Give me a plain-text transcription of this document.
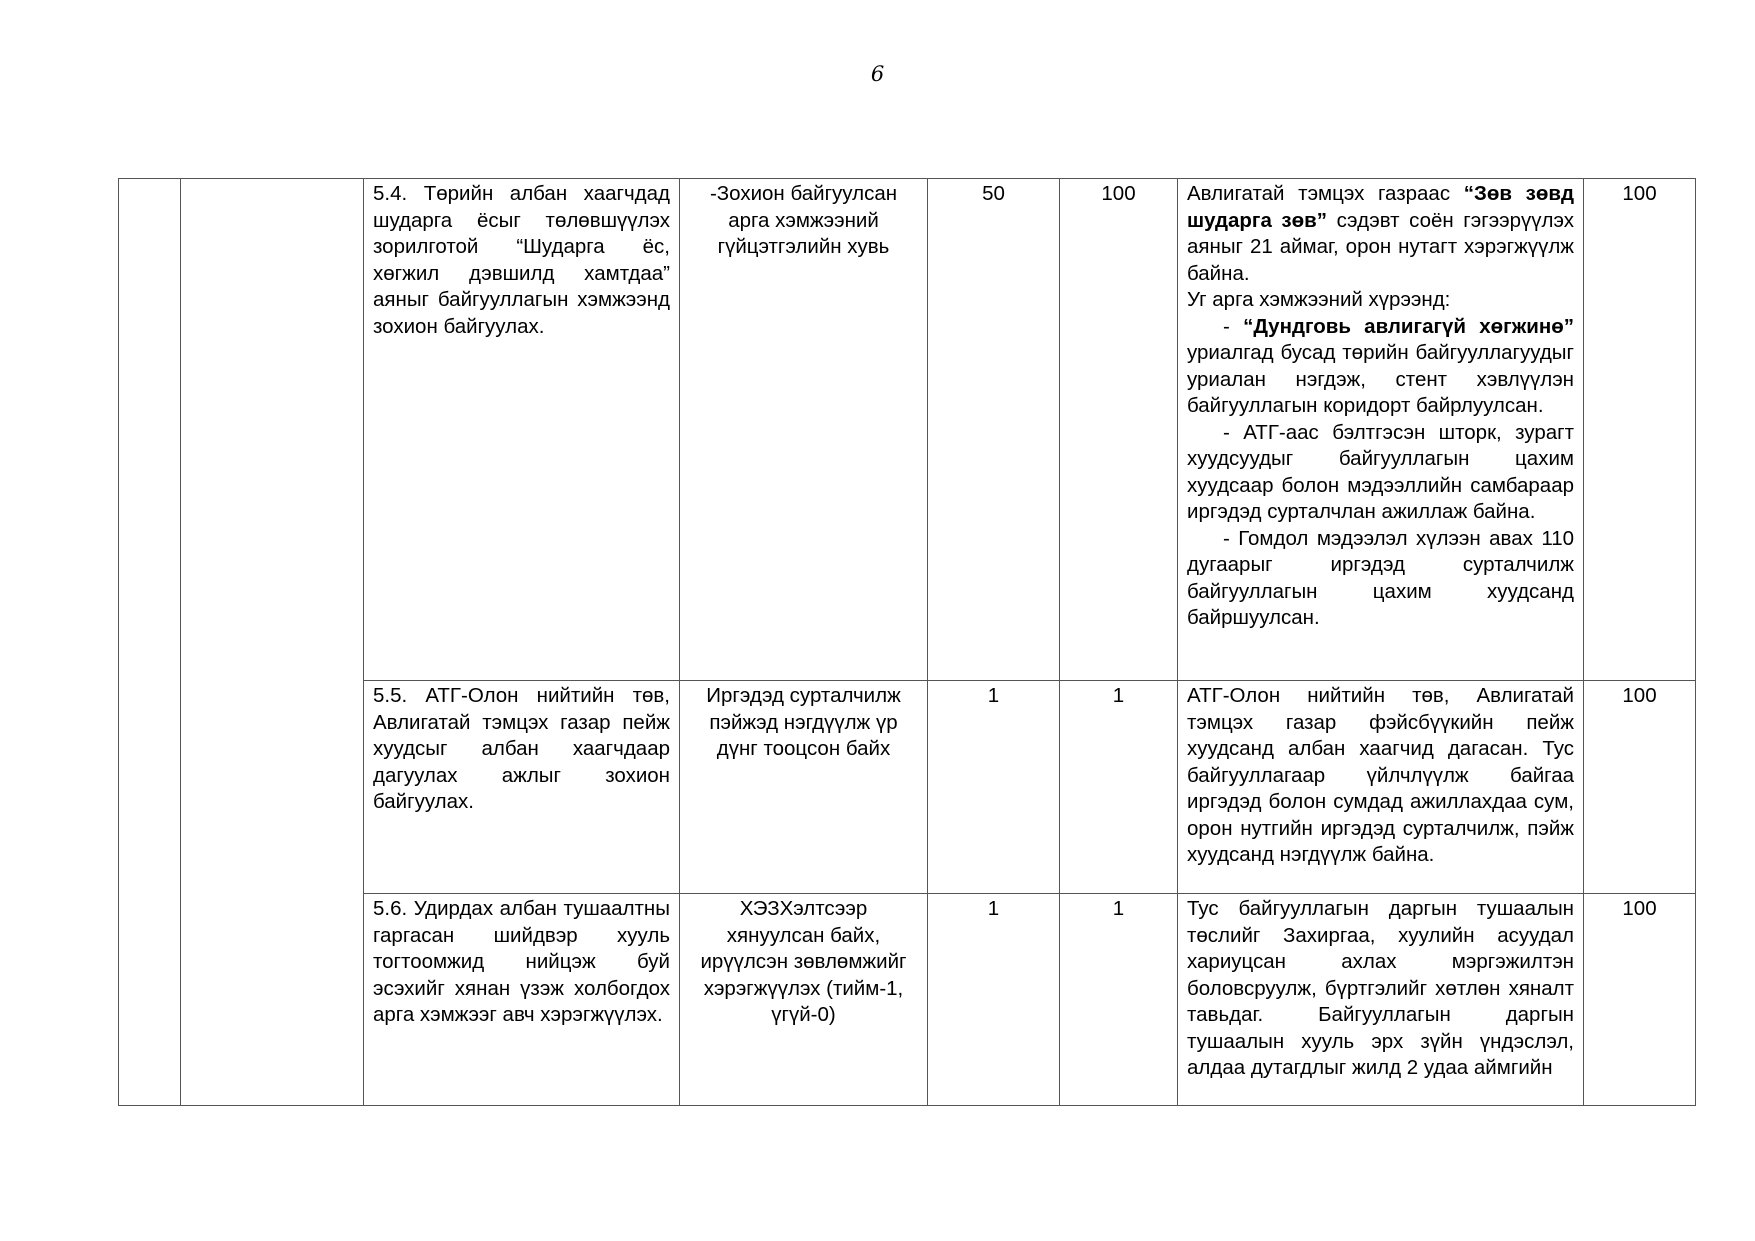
6

		5.4. Төрийн албан хаагчдад шударга ёсыг төлөвшүүлэх зорилготой “Шударга ёс, хөгжил дэвшилд хамтдаа” аяныг байгууллагын хэмжээнд зохион байгуулах.	-Зохион байгуулсан арга хэмжээний гүйцэтгэлийн хувь	50	100	Авлигатай тэмцэх газраас “Зөв зөвд шударга зөв” сэдэвт соён гэгээрүүлэх аяныг 21 аймаг, орон нутагт хэрэгжүүлж байна.
Уг арга хэмжээний хүрээнд:
- “Дундговь авлигагүй хөгжинө” уриалгад бусад төрийн байгууллагуудыг уриалан нэгдэж, стент хэвлүүлэн байгууллагын коридорт байрлуулсан.
- АТГ-аас бэлтгэсэн шторк, зурагт хуудсуудыг байгууллагын цахим хуудсаар болон мэдээллийн самбараар иргэдэд сурталчлан ажиллаж байна.
- Гомдол мэдээлэл хүлээн авах 110 дугаарыг иргэдэд сурталчилж байгууллагын цахим хуудсанд байршуулсан.	100

		5.5. АТГ-Олон нийтийн төв, Авлигатай тэмцэх газар пейж хуудсыг албан хаагчдаар дагуулах ажлыг зохион байгуулах.	Иргэдэд сурталчилж пэйжэд нэгдүүлж үр дүнг тооцсон байх	1	1	АТГ-Олон нийтийн төв, Авлигатай тэмцэх газар фэйсбүүкийн пейж хуудсанд албан хаагчид дагасан. Тус байгууллагаар үйлчлүүлж байгаа иргэдэд болон сумдад ажиллахдаа сум, орон нутгийн иргэдэд сурталчилж, пэйж хуудсанд нэгдүүлж байна.	100

		5.6. Удирдах албан тушаалтны гаргасан шийдвэр хууль тогтоомжид нийцэж буй эсэхийг хянан үзэж холбогдох арга хэмжээг авч хэрэгжүүлэх.	ХЭЗХэлтсээр хянуулсан байх, ирүүлсэн зөвлөмжийг хэрэгжүүлэх (тийм-1, үгүй-0)	1	1	Тус байгууллагын даргын тушаалын төслийг Захиргаа, хуулийн асуудал хариуцсан ахлах мэргэжилтэн боловсруулж, бүртгэлийг хөтлөн хяналт тавьдаг. Байгууллагын даргын тушаалын хууль эрх зүйн үндэслэл, алдаа дутагдлыг жилд 2 удаа аймгийн	100
